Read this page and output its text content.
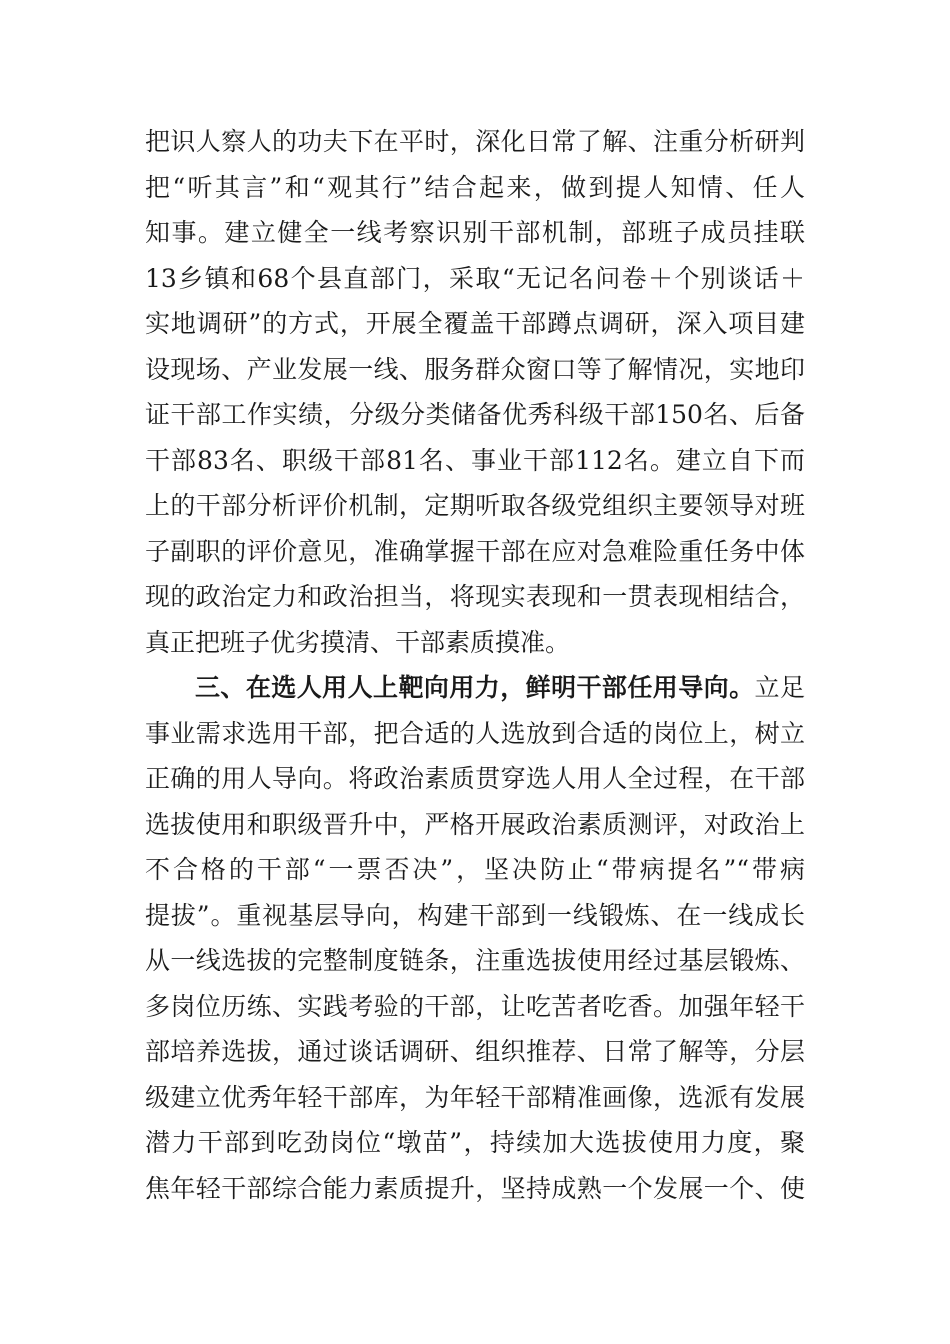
把识人察人的功夫下在平时，深化日常了解、注重分析研判
把“听其言”和“观其行”结合起来，做到提人知情、任人
知事。建立健全一线考察识别干部机制，部班子成员挂联
13乡镇和68个县直部门，采取“无记名问卷＋个别谈话＋
实地调研”的方式，开展全覆盖干部蹲点调研，深入项目建
设现场、产业发展一线、服务群众窗口等了解情况，实地印
证干部工作实绩，分级分类储备优秀科级干部150名、后备
干部83名、职级干部81名、事业干部112名。建立自下而
上的干部分析评价机制，定期听取各级党组织主要领导对班
子副职的评价意见，准确掌握干部在应对急难险重任务中体
现的政治定力和政治担当，将现实表现和一贯表现相结合，
真正把班子优劣摸清、干部素质摸准。
三、在选人用人上靶向用力，鲜明干部任用导向。立足
事业需求选用干部，把合适的人选放到合适的岗位上，树立
正确的用人导向。将政治素质贯穿选人用人全过程，在干部
选拔使用和职级晋升中，严格开展政治素质测评，对政治上
不合格的干部“一票否决”，坚决防止“带病提名”“带病
提拔”。重视基层导向，构建干部到一线锻炼、在一线成长
从一线选拔的完整制度链条，注重选拔使用经过基层锻炼、
多岗位历练、实践考验的干部，让吃苦者吃香。加强年轻干
部培养选拔，通过谈话调研、组织推荐、日常了解等，分层
级建立优秀年轻干部库，为年轻干部精准画像，选派有发展
潜力干部到吃劲岗位“墩苗”，持续加大选拔使用力度，聚
焦年轻干部综合能力素质提升，坚持成熟一个发展一个、使
